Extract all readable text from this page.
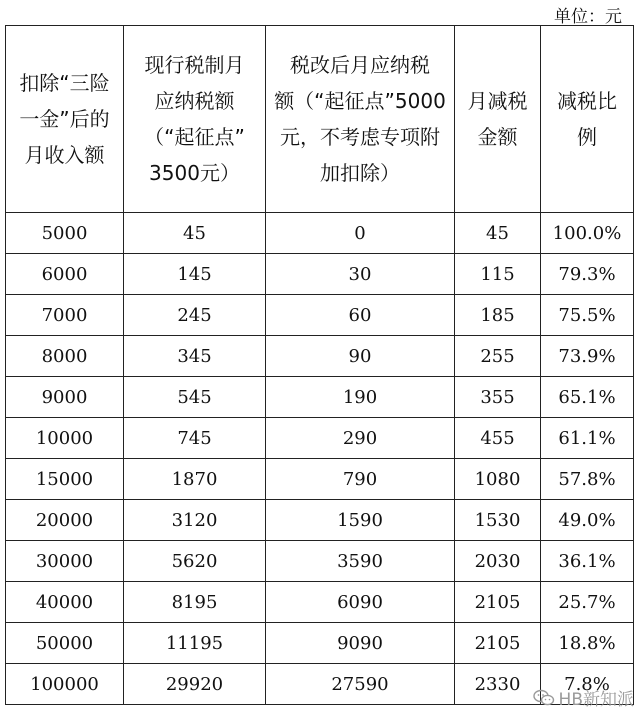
单位：元
扣除“三险
一金”后的
月收入额	现行税制月
应纳税额
（“起征点”
3500元）	税改后月应纳税
额（“起征点”5000
元，不考虑专项附
加扣除）	月减税
金额	减税比
例

5000	45	0	45	100.0%
6000	145	30	115	79.3%
7000	245	60	185	75.5%
8000	345	90	255	73.9%
9000	545	190	355	65.1%
10000	745	290	455	61.1%
15000	1870	790	1080	57.8%
20000	3120	1590	1530	49.0%
30000	5620	3590	2030	36.1%
40000	8195	6090	2105	25.7%
50000	11195	9090	2105	18.8%
100000	29920	27590	2330	7.8%
HB新知派
